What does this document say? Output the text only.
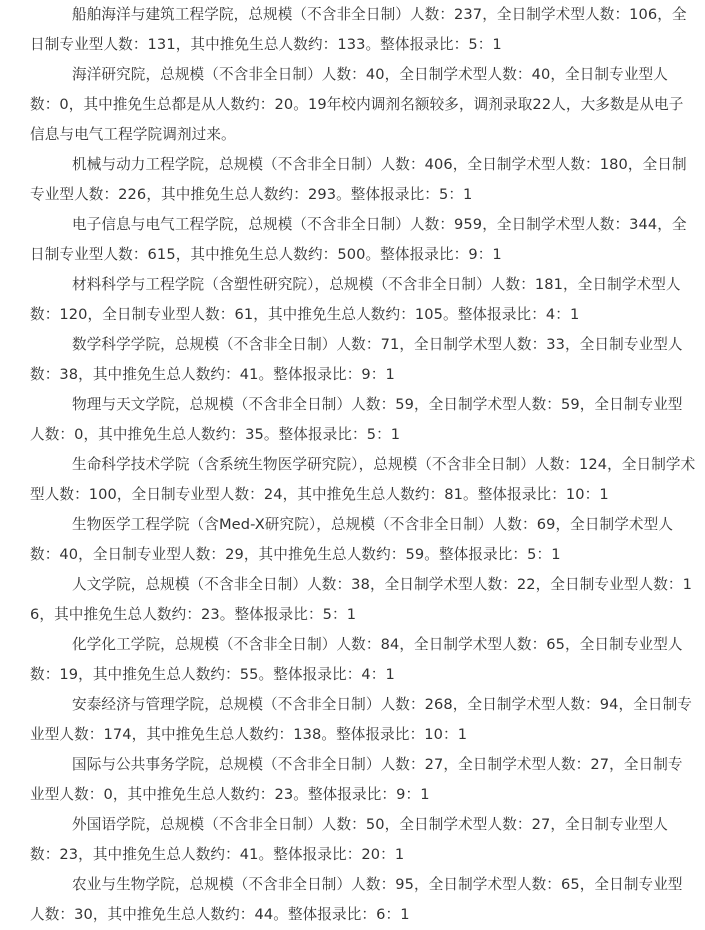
船舶海洋与建筑工程学院，总规模（不含非全日制）人数：237，全日制学术型人数：106，全日制专业型人数：131，其中推免生总人数约：133。整体报录比：5：1

海洋研究院，总规模（不含非全日制）人数：40，全日制学术型人数：40，全日制专业型人数：0，其中推免生总都是从人数约：20。19年校内调剂名额较多，调剂录取22人，大多数是从电子信息与电气工程学院调剂过来。

机械与动力工程学院，总规模（不含非全日制）人数：406，全日制学术型人数：180，全日制专业型人数：226，其中推免生总人数约：293。整体报录比：5：1

电子信息与电气工程学院，总规模（不含非全日制）人数：959，全日制学术型人数：344，全日制专业型人数：615，其中推免生总人数约：500。整体报录比：9：1

材料科学与工程学院（含塑性研究院），总规模（不含非全日制）人数：181，全日制学术型人数：120，全日制专业型人数：61，其中推免生总人数约：105。整体报录比：4：1

数学科学学院，总规模（不含非全日制）人数：71，全日制学术型人数：33，全日制专业型人数：38，其中推免生总人数约：41。整体报录比：9：1

物理与天文学院，总规模（不含非全日制）人数：59，全日制学术型人数：59，全日制专业型人数：0，其中推免生总人数约：35。整体报录比：5：1

生命科学技术学院（含系统生物医学研究院），总规模（不含非全日制）人数：124，全日制学术型人数：100，全日制专业型人数：24，其中推免生总人数约：81。整体报录比：10：1

生物医学工程学院（含Med-X研究院），总规模（不含非全日制）人数：69，全日制学术型人数：40，全日制专业型人数：29，其中推免生总人数约：59。整体报录比：5：1

人文学院，总规模（不含非全日制）人数：38，全日制学术型人数：22，全日制专业型人数：16，其中推免生总人数约：23。整体报录比：5：1

化学化工学院，总规模（不含非全日制）人数：84，全日制学术型人数：65，全日制专业型人数：19，其中推免生总人数约：55。整体报录比：4：1

安泰经济与管理学院，总规模（不含非全日制）人数：268，全日制学术型人数：94，全日制专业型人数：174，其中推免生总人数约：138。整体报录比：10：1

国际与公共事务学院，总规模（不含非全日制）人数：27，全日制学术型人数：27，全日制专业型人数：0，其中推免生总人数约：23。整体报录比：9：1

外国语学院，总规模（不含非全日制）人数：50，全日制学术型人数：27，全日制专业型人数：23，其中推免生总人数约：41。整体报录比：20：1

农业与生物学院，总规模（不含非全日制）人数：95，全日制学术型人数：65，全日制专业型人数：30，其中推免生总人数约：44。整体报录比：6：1
